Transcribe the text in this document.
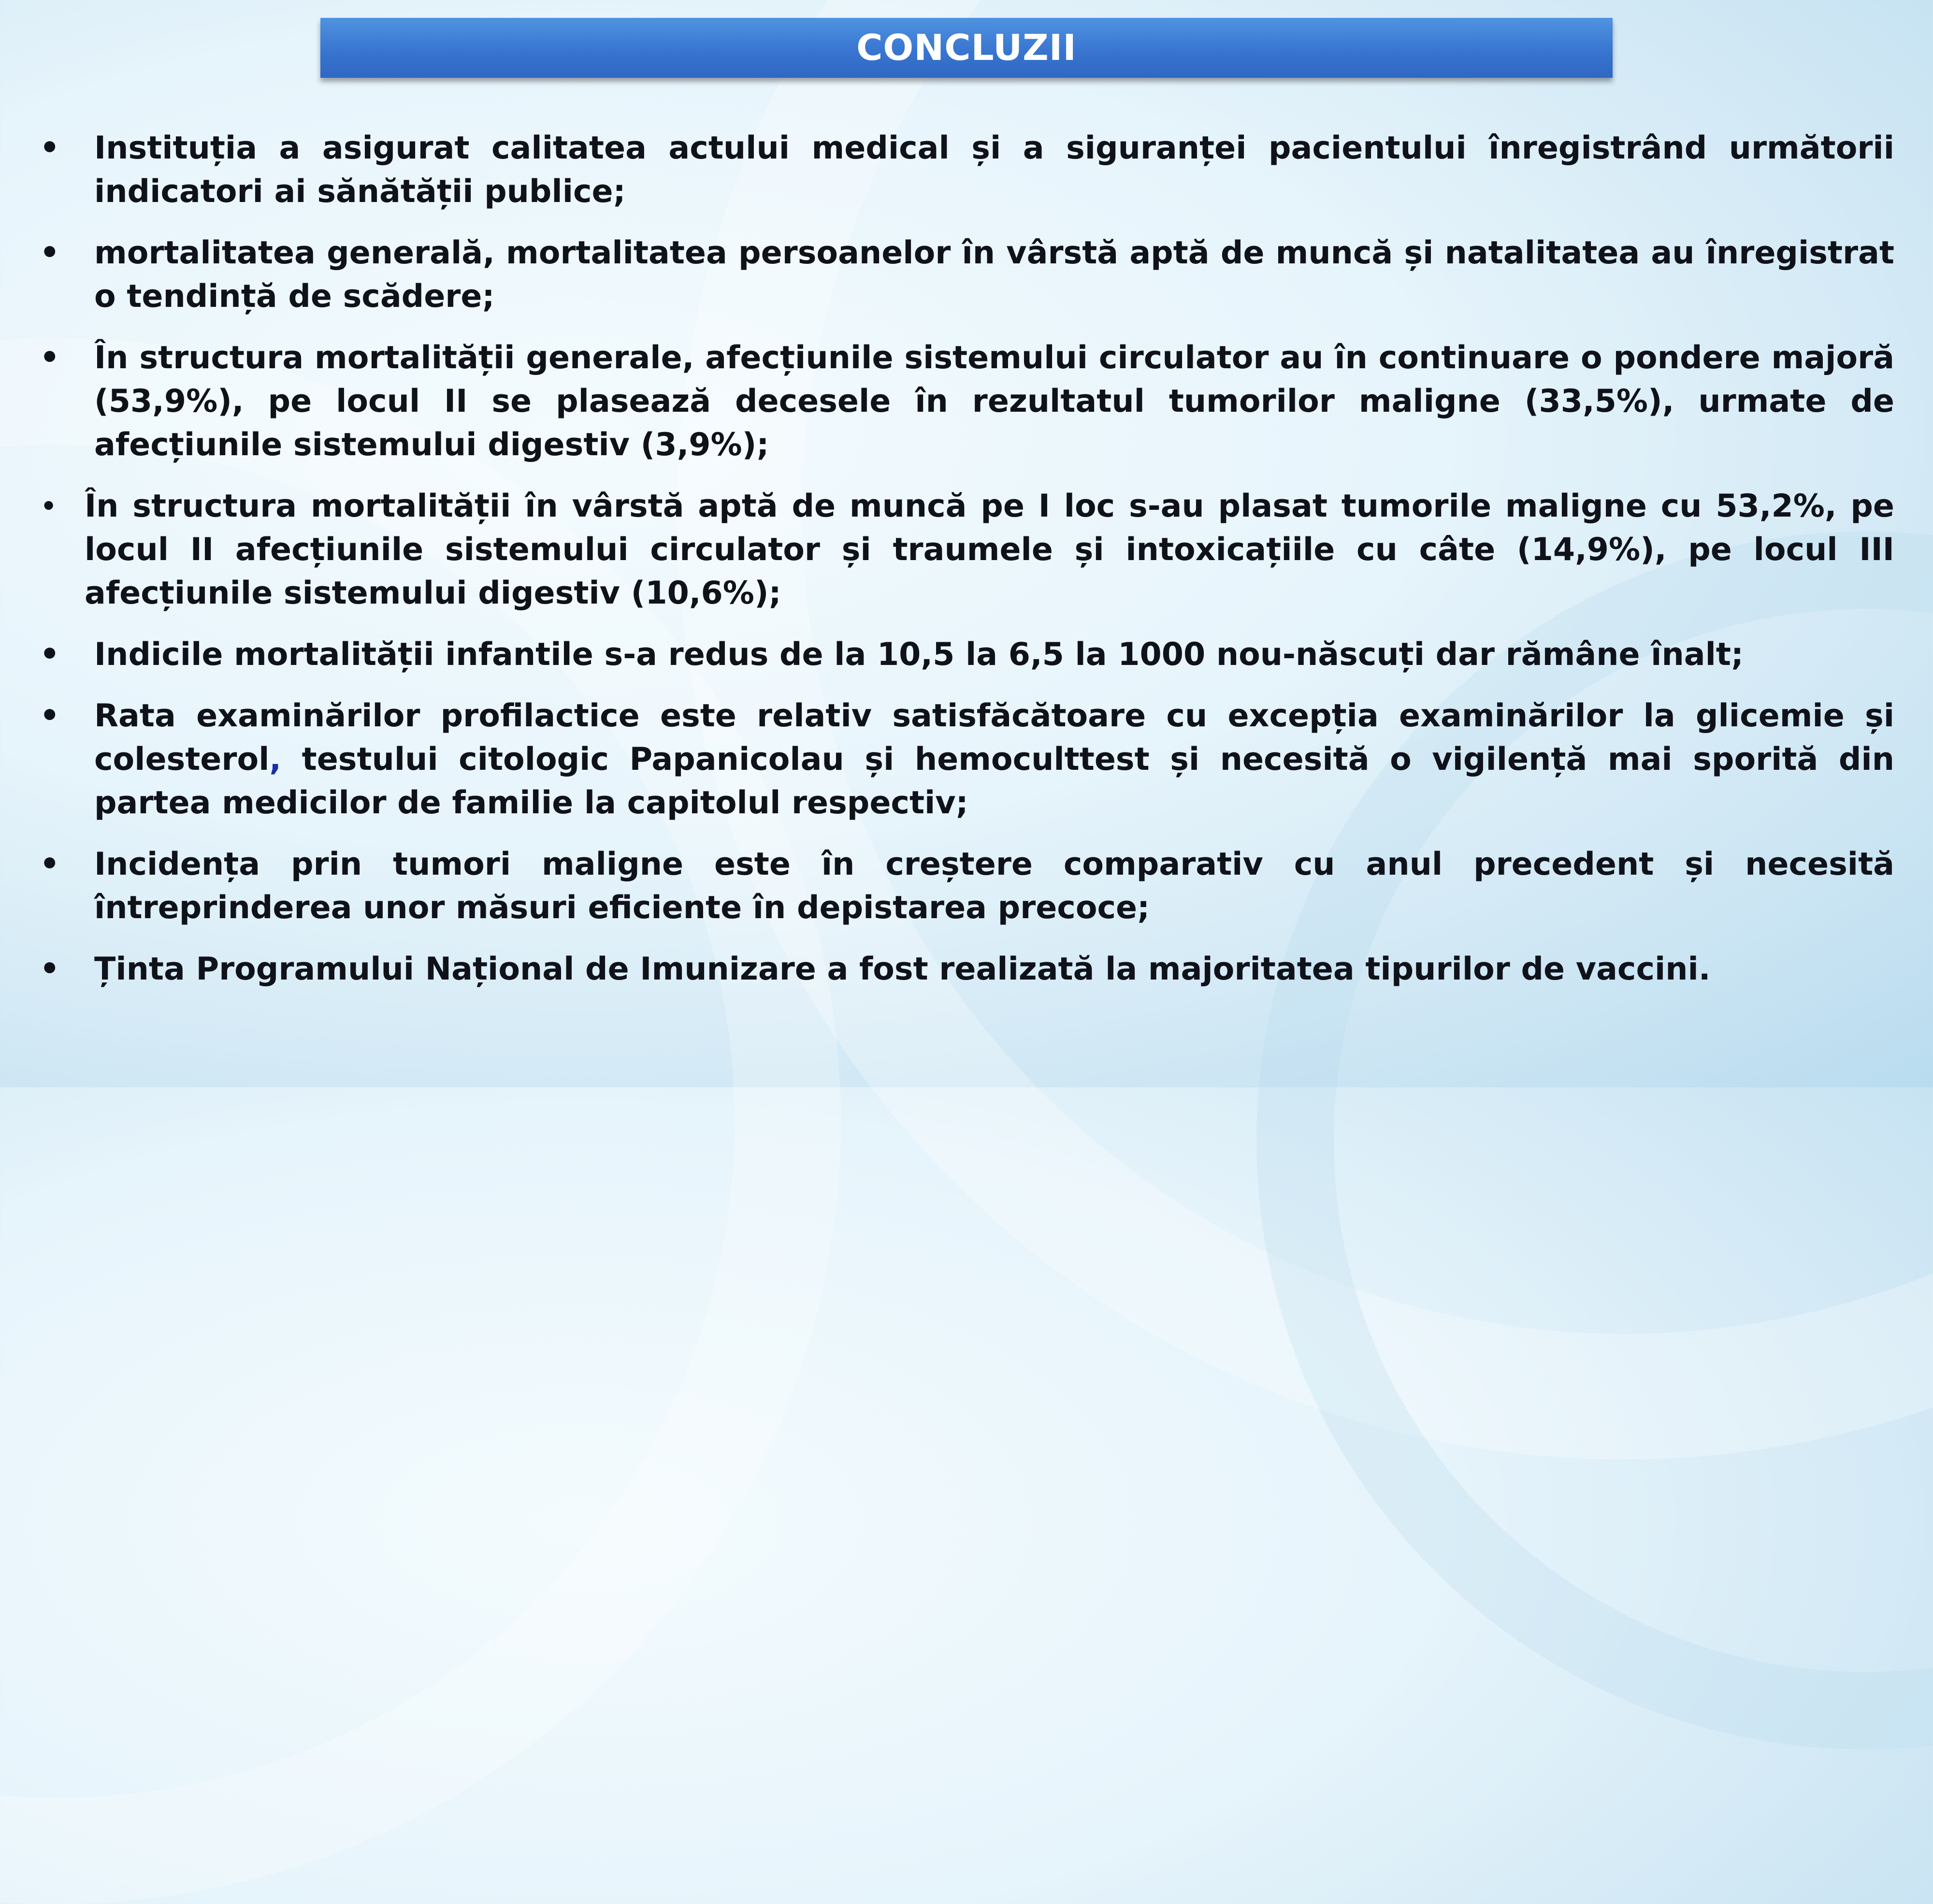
CONCLUZII
• Instituția a asigurat calitatea actului medical și a siguranței pacientului înregistrând următorii indicatori ai sănătății publice;
• mortalitatea generală, mortalitatea persoanelor în vârstă aptă de muncă și natalitatea au înregistrat o tendință de scădere;
• În structura mortalității generale, afecțiunile sistemului circulator au în continuare o pondere majoră (53,9%), pe locul II se plasează decesele în rezultatul tumorilor maligne (33,5%), urmate de afecțiunile sistemului digestiv (3,9%);
• În structura mortalității în vârstă aptă de muncă pe I loc s-au plasat tumorile maligne cu 53,2%, pe locul II afecțiunile sistemului circulator și traumele și intoxicațiile cu câte (14,9%), pe locul III afecțiunile sistemului digestiv (10,6%);
• Indicile mortalității infantile s-a redus de la 10,5 la 6,5 la 1000 nou-născuți dar rămâne înalt;
• Rata examinărilor profilactice este relativ satisfăcătoare cu excepția examinărilor la glicemie și colesterol, testului citologic Papanicolau și hemoculttest și necesită o vigilență mai sporită din partea medicilor de familie la capitolul respectiv;
• Incidența prin tumori maligne este în creștere comparativ cu anul precedent și necesită întreprinderea unor măsuri eficiente în depistarea precoce;
• Ținta Programului Național de Imunizare a fost realizată la majoritatea tipurilor de vaccini.
